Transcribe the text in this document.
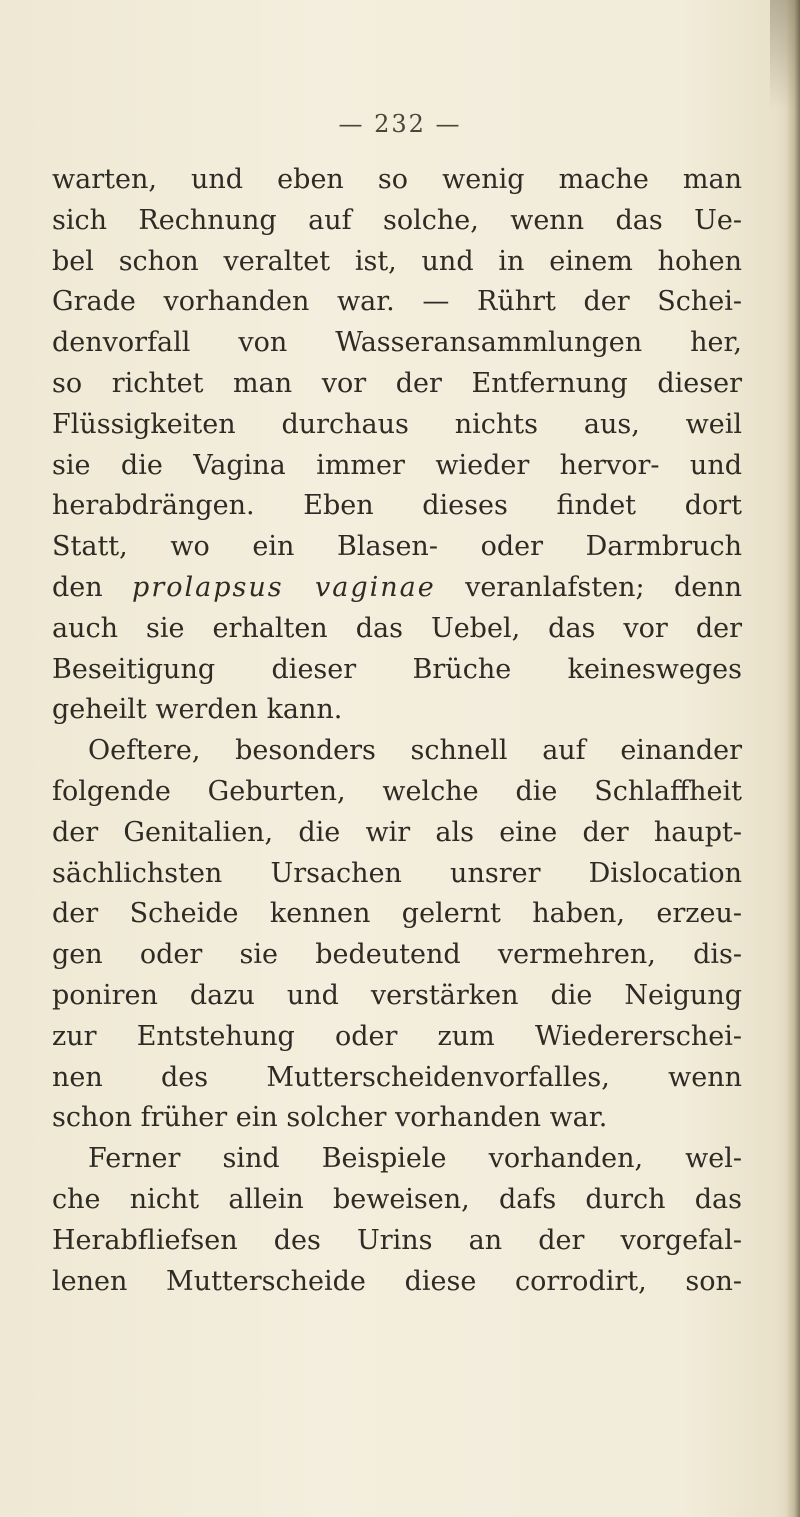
— 232 —
warten, und eben so wenig mache man
sich Rechnung auf solche, wenn das Ue-
bel schon veraltet ist, und in einem hohen
Grade vorhanden war. — Rührt der Schei-
denvorfall von Wasseransammlungen her,
so richtet man vor der Entfernung dieser
Flüssigkeiten durchaus nichts aus, weil
sie die Vagina immer wieder hervor- und
herabdrängen. Eben dieses findet dort
Statt, wo ein Blasen- oder Darmbruch
den prolapsus vaginae veranlafsten; denn
auch sie erhalten das Uebel, das vor der
Beseitigung dieser Brüche keinesweges
geheilt werden kann.
Oeftere, besonders schnell auf einander
folgende Geburten, welche die Schlaffheit
der Genitalien, die wir als eine der haupt-
sächlichsten Ursachen unsrer Dislocation
der Scheide kennen gelernt haben, erzeu-
gen oder sie bedeutend vermehren, dis-
poniren dazu und verstärken die Neigung
zur Entstehung oder zum Wiedererschei-
nen des Mutterscheidenvorfalles, wenn
schon früher ein solcher vorhanden war.
Ferner sind Beispiele vorhanden, wel-
che nicht allein beweisen, dafs durch das
Herabfliefsen des Urins an der vorgefal-
lenen Mutterscheide diese corrodirt, son-
